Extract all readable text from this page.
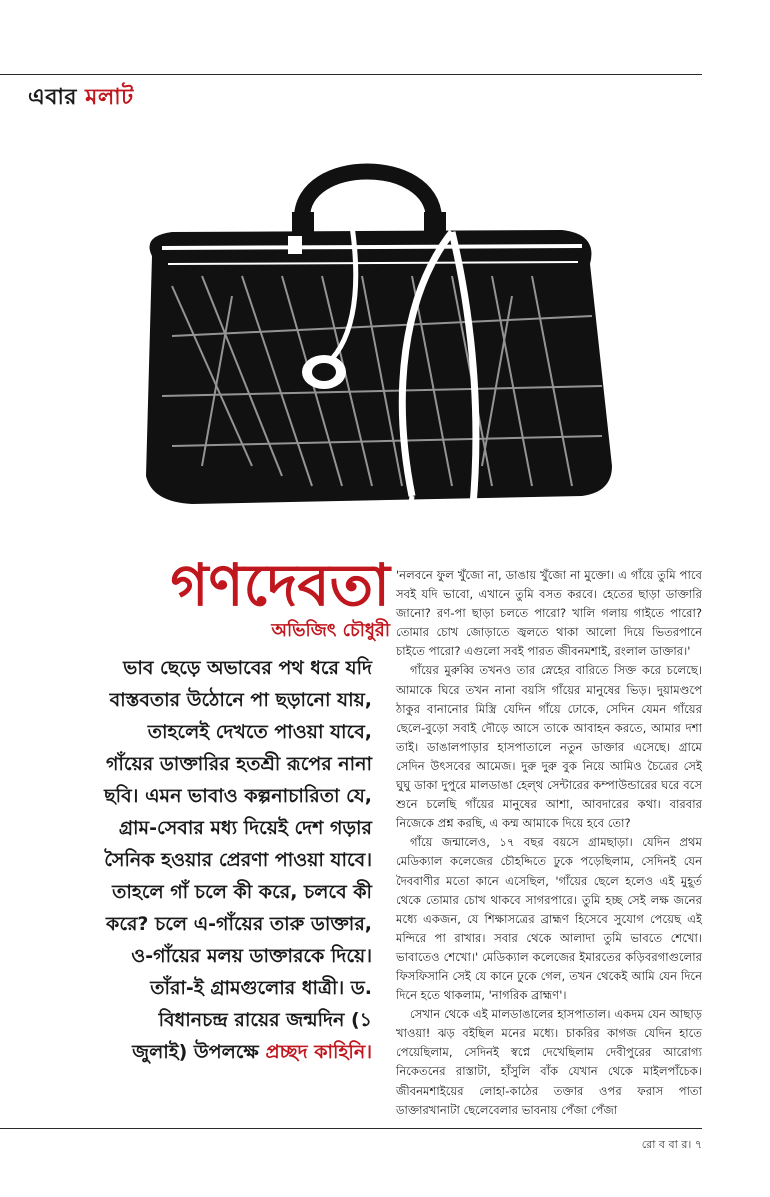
এবার মলাট
গণদেবতা
অভিজিৎ চৌধুরী

ভাব ছেড়ে অভাবের পথ ধরে যদি বাস্তবতার উঠোনে পা ছড়ানো যায়, তাহলেই দেখতে পাওয়া যাবে, গাঁয়ের ডাক্তারির হতশ্রী রূপের নানা ছবি। এমন ভাবাও কল্পনাচারিতা যে, গ্রাম-সেবার মধ্য দিয়েই দেশ গড়ার সৈনিক হওয়ার প্রেরণা পাওয়া যাবে। তাহলে গাঁ চলে কী করে, চলবে কী করে? চলে এ-গাঁয়ের তারু ডাক্তার, ও-গাঁয়ের মলয় ডাক্তারকে দিয়ে। তাঁরা-ই গ্রামগুলোর ধাত্রী। ড. বিধানচন্দ্র রায়ের জন্মদিন (১ জুলাই) উপলক্ষে প্রচ্ছদ কাহিনি।

'নলবনে ফুল খুঁজো না, ডাঙায় খুঁজো না মুক্তো। এ গাঁয়ে তুমি পাবে সবই যদি ভাবো, এখানে তুমি বসত করবে। হেতের ছাড়া ডাক্তারি জানো? রণ-পা ছাড়া চলতে পারো? খালি গলায় গাইতে পারো? তোমার চোখ জোড়াতে জ্বলতে থাকা আলো দিয়ে ভিতরপানে চাইতে পারো? এগুলো সবই পারত জীবনমশাই, রংলাল ডাক্তার।'

গাঁয়ের মুরুব্বি তখনও তার স্নেহের বারিতে সিক্ত করে চলেছে। আমাকে ঘিরে তখন নানা বয়সি গাঁয়ের মানুষের ভিড়। দুয়ামণ্ডপে ঠাকুর বানানোর মিস্ত্রি যেদিন গাঁয়ে ঢোকে, সেদিন যেমন গাঁয়ের ছেলে-বুড়ো সবাই দৌড়ে আসে তাকে আবাহন করতে, আমার দশা তাই। ডাঙালপাড়ার হাসপাতালে নতুন ডাক্তার এসেছে। গ্রামে সেদিন উৎসবের আমেজ। দুরু দুরু বুক নিয়ে আমিও চৈত্রের সেই ঘুঘু ডাকা দুপুরে মালডাঙা হেল্থ সেন্টারের কম্পাউন্ডারের ঘরে বসে শুনে চলেছি গাঁয়ের মানুষের আশা, আবদারের কথা। বারবার নিজেকে প্রশ্ন করছি, এ কম্ম আমাকে দিয়ে হবে তো?

গাঁয়ে জন্মালেও, ১৭ বছর বয়সে গ্রামছাড়া। যেদিন প্রথম মেডিক্যাল কলেজের চৌহদ্দিতে ঢুকে পড়েছিলাম, সেদিনই যেন দৈববাণীর মতো কানে এসেছিল, 'গাঁয়ের ছেলে হলেও এই মুহূর্ত থেকে তোমার চোখ থাকবে সাগরপারে। তুমি হচ্ছ সেই লক্ষ জনের মধ্যে একজন, যে শিক্ষাসত্রের ব্রাহ্মণ হিসেবে সুযোগ পেয়েছ এই মন্দিরে পা রাখার। সবার থেকে আলাদা তুমি ভাবতে শেখো। ভাবাতেও শেখো।' মেডিক্যাল কলেজের ইমারতের কড়িবরগাগুলোর ফিসফিসানি সেই যে কানে ঢুকে গেল, তখন থেকেই আমি যেন দিনে দিনে হতে থাকলাম, 'নাগরিক ব্রাহ্মণ'।

সেখান থেকে এই মালডাঙালের হাসপাতাল। একদম যেন আছাড় খাওয়া! ঝড় বইছিল মনের মধ্যে। চাকরির কাগজ যেদিন হাতে পেয়েছিলাম, সেদিনই স্বপ্নে দেখেছিলাম দেবীপুরের আরোগ্য নিকেতনের রাস্তাটা, হাঁসুলি বাঁক যেখান থেকে মাইলপাঁচেক। জীবনমশাইয়ের লোহা-কাঠের তক্তার ওপর ফরাস পাতা ডাক্তারখানাটা ছেলেবেলার ভাবনায় পেঁজা পেঁজা

রো ব বা র। ৭
